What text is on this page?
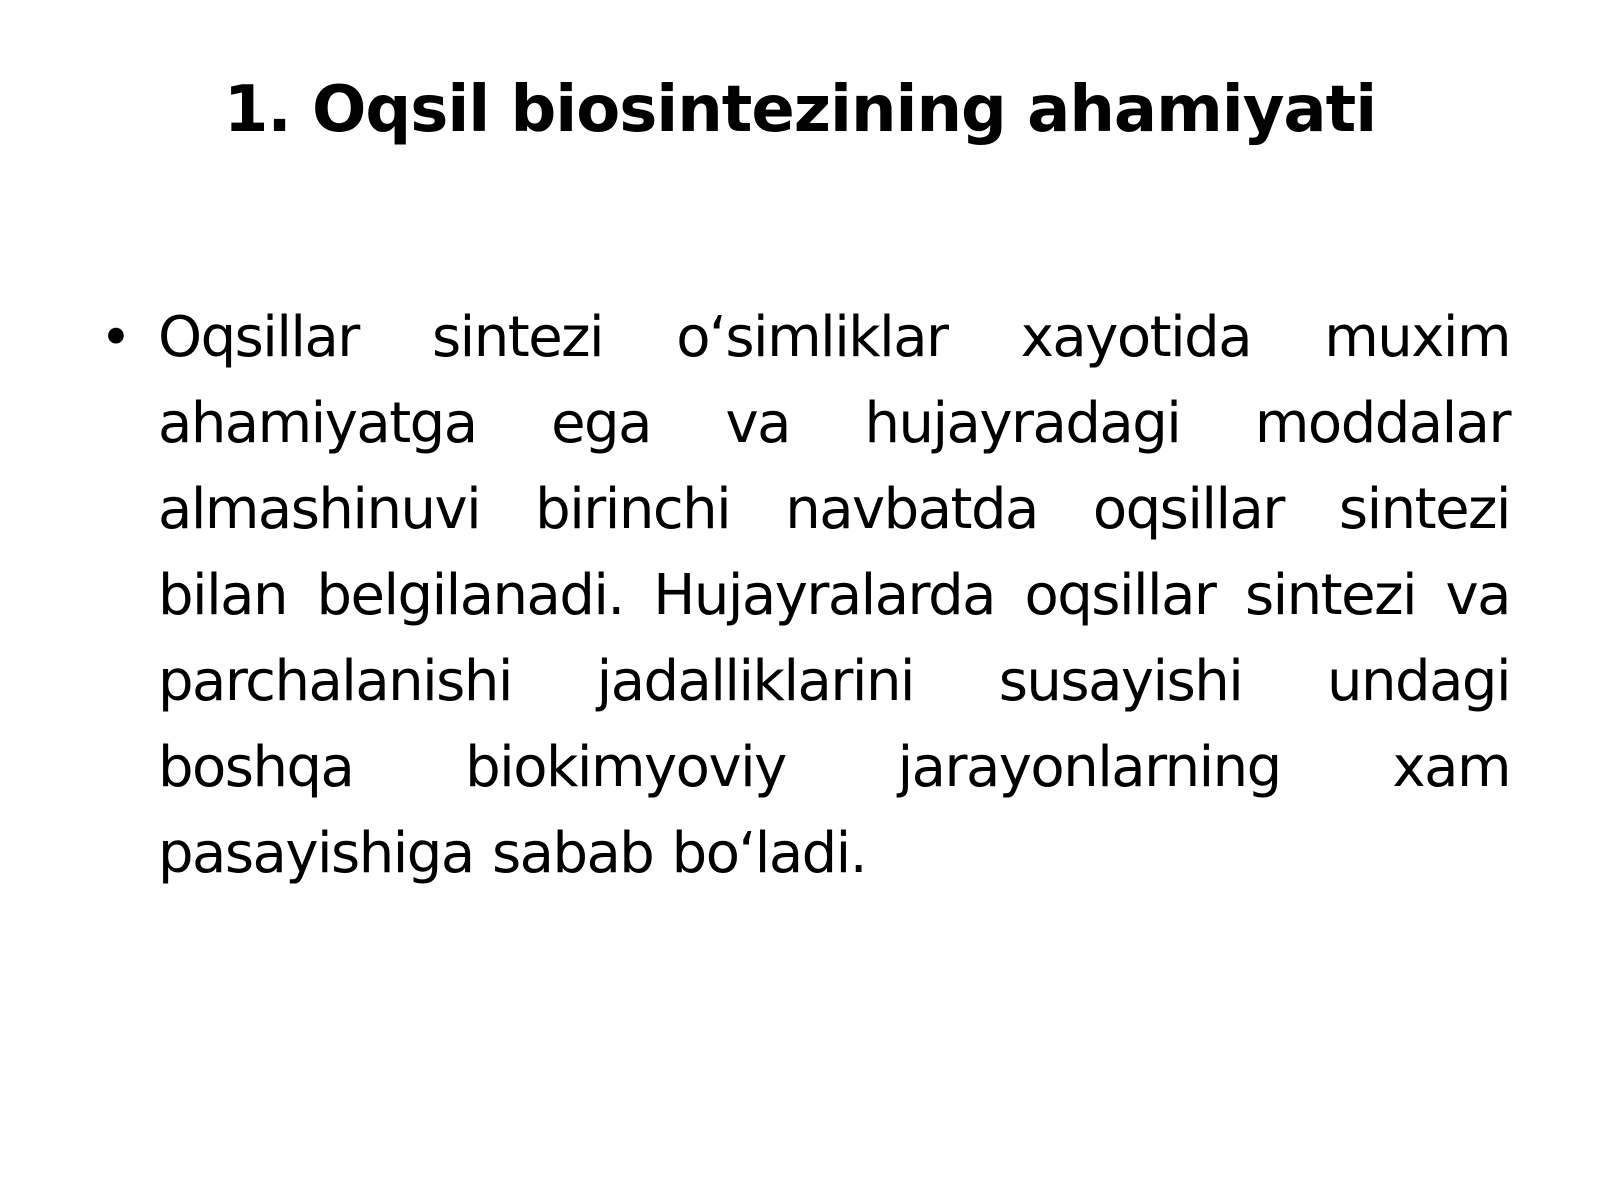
1. Oqsil biosintezining ahamiyati
• Oqsillar sintezi o‘simliklar xayotida muxim ahamiyatga ega va hujayradagi moddalar almashinuvi birinchi navbatda oqsillar sintezi bilan belgilanadi. Hujayralarda oqsillar sintezi va parchalanishi jadalliklarini susayishi undagi boshqa biokimyoviy jarayonlarning xam pasayishiga sabab bo‘ladi.
